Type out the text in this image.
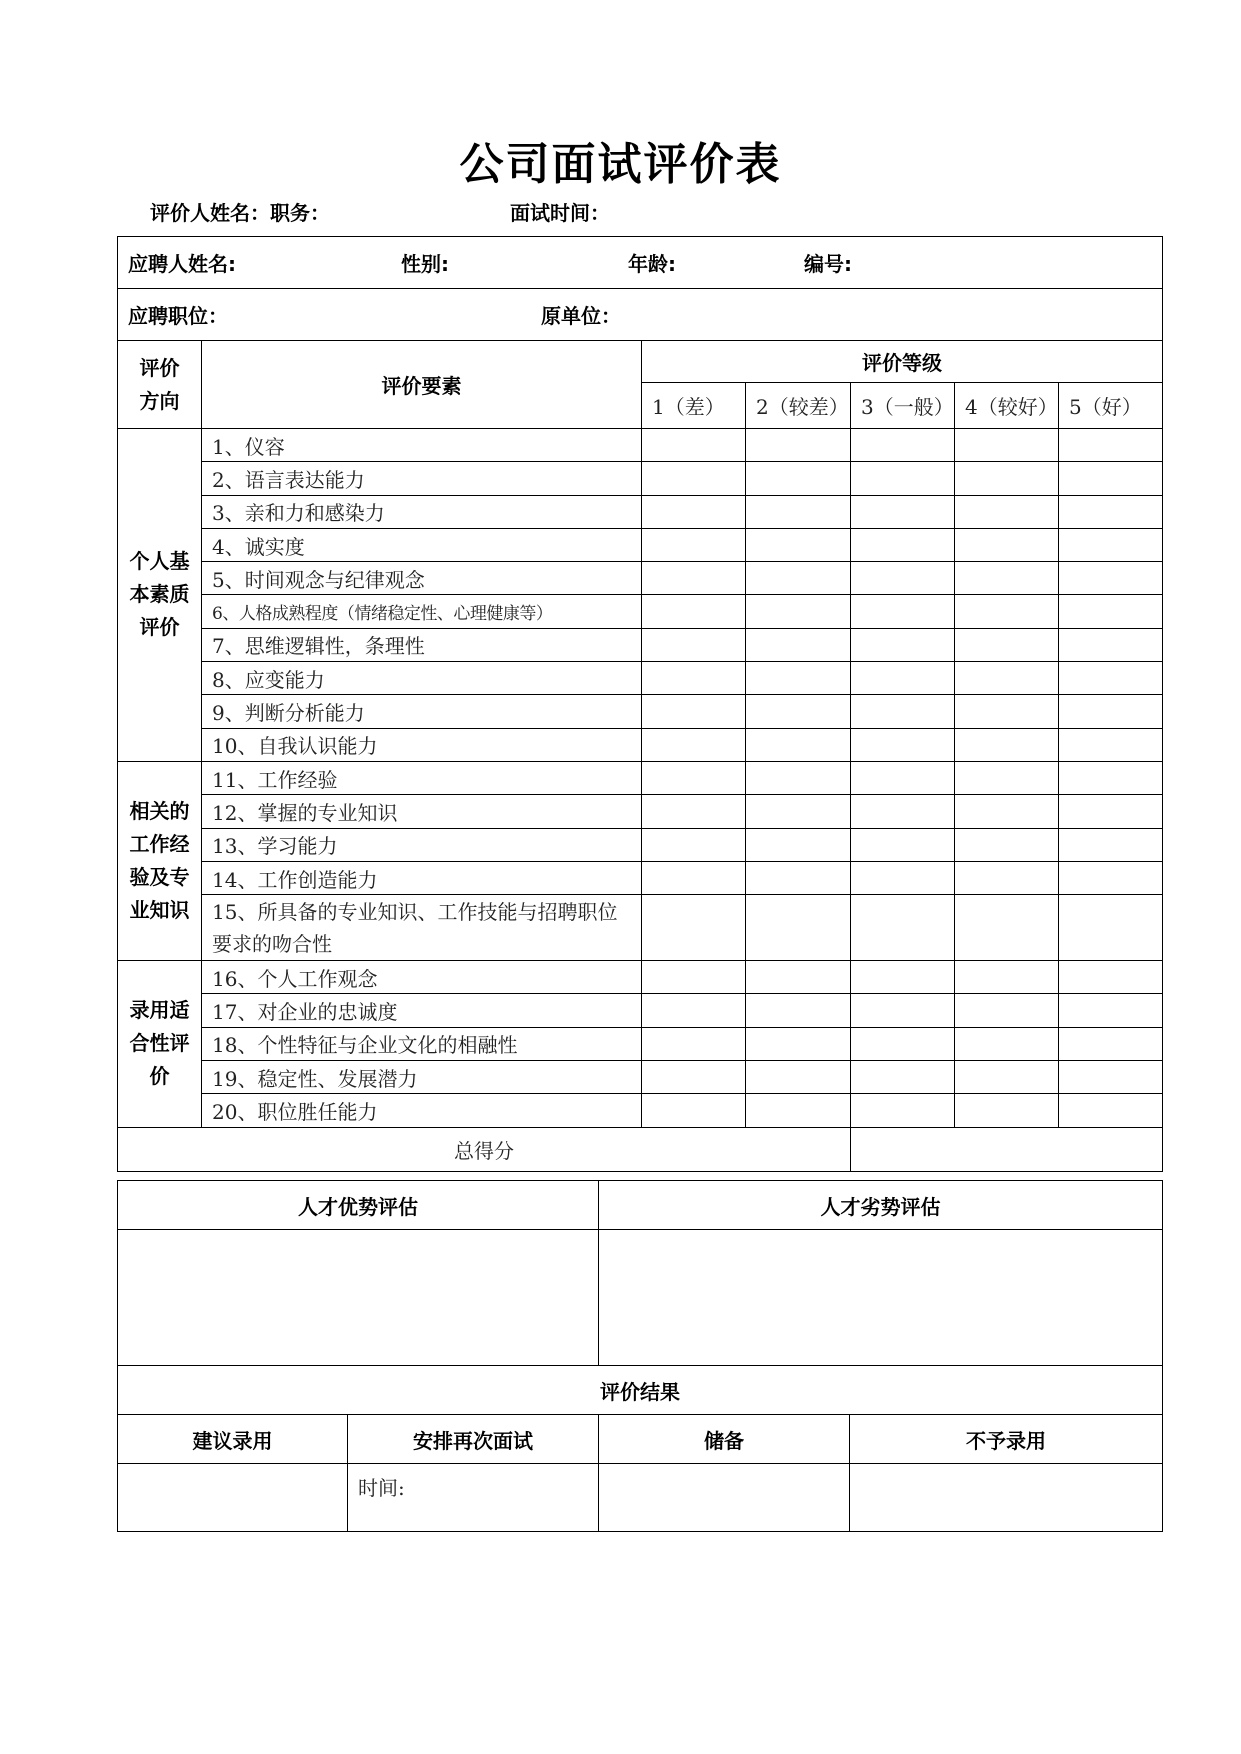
公司面试评价表
评价人姓名：职务：	面试时间：
应聘人姓名: 性别: 年龄: 编号:						
应聘职位： 原单位：						
评价方向	评价要素	评价等级				
		1（差）	2（较差）	3（一般）	4（较好）	5（好）
个人基本素质评价	1、仪容					
	2、语言表达能力					
	3、亲和力和感染力					
	4、诚实度					
	5、时间观念与纪律观念					
	6、人格成熟程度（情绪稳定性、心理健康等）					
	7、思维逻辑性，条理性					
	8、应变能力					
	9、判断分析能力					
	10、自我认识能力					
相关的工作经验及专业知识	11、工作经验					
	12、掌握的专业知识					
	13、学习能力					
	14、工作创造能力					
	15、所具备的专业知识、工作技能与招聘职位要求的吻合性					
录用适合性评价	16、个人工作观念					
	17、对企业的忠诚度					
	18、个性特征与企业文化的相融性					
	19、稳定性、发展潜力					
	20、职位胜任能力					
总得分						
人才优势评估		人才劣势评估	

评价结果			
建议录用	安排再次面试	储备	不予录用
	时间:		
